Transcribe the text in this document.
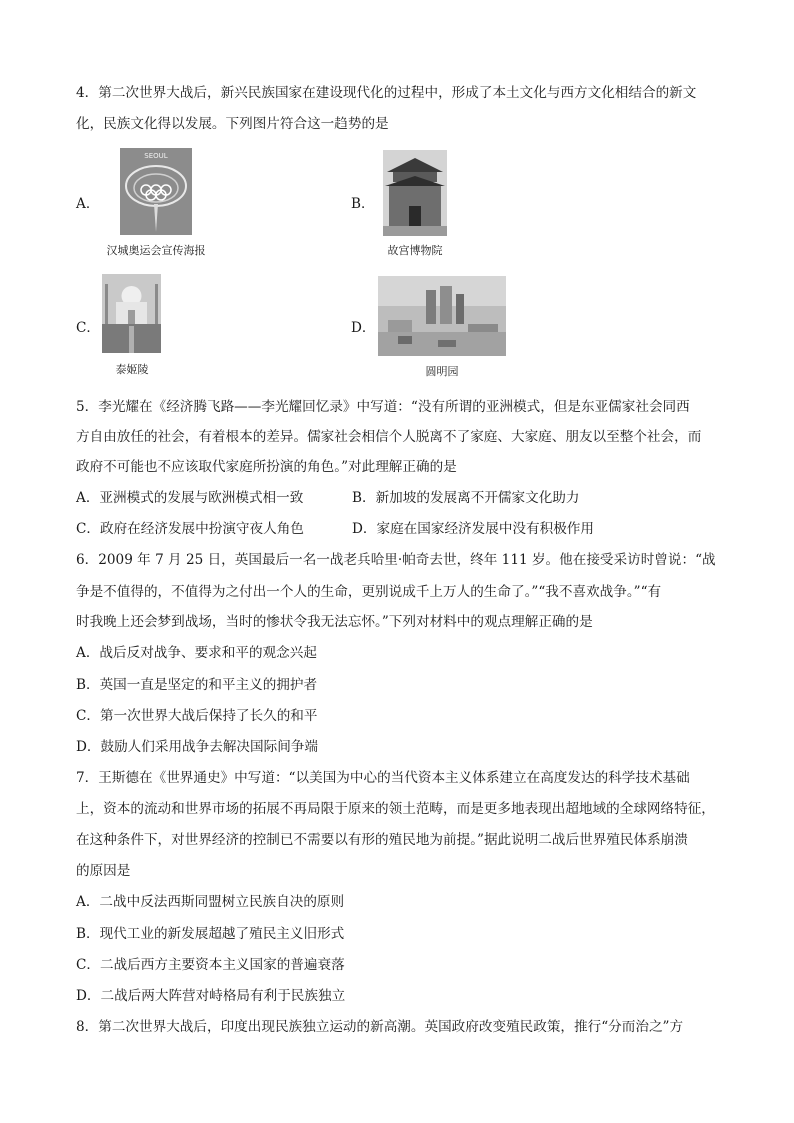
4．第二次世界大战后，新兴民族国家在建设现代化的过程中，形成了本土文化与西方文化相结合的新文
化，民族文化得以发展。下列图片符合这一趋势的是
A．
SEOUL
汉城奥运会宣传海报
B．
故宫博物院
C．
泰姬陵
D．
圆明园
5．李光耀在《经济腾飞路——李光耀回忆录》中写道：“没有所谓的亚洲模式，但是东亚儒家社会同西
方自由放任的社会，有着根本的差异。儒家社会相信个人脱离不了家庭、大家庭、朋友以至整个社会，而
政府不可能也不应该取代家庭所扮演的角色。”对此理解正确的是
A．亚洲模式的发展与欧洲模式相一致	B．新加坡的发展离不开儒家文化助力
C．政府在经济发展中扮演守夜人角色	D．家庭在国家经济发展中没有积极作用
6．2009 年 7 月 25 日，英国最后一名一战老兵哈里·帕奇去世，终年 111 岁。他在接受采访时曾说：“战
争是不值得的，不值得为之付出一个人的生命，更别说成千上万人的生命了。”“我不喜欢战争。”“有
时我晚上还会梦到战场，当时的惨状令我无法忘怀。”下列对材料中的观点理解正确的是
A．战后反对战争、要求和平的观念兴起
B．英国一直是坚定的和平主义的拥护者
C．第一次世界大战后保持了长久的和平
D．鼓励人们采用战争去解决国际间争端
7．王斯德在《世界通史》中写道：“以美国为中心的当代资本主义体系建立在高度发达的科学技术基础
上，资本的流动和世界市场的拓展不再局限于原来的领土范畴，而是更多地表现出超地域的全球网络特征，
在这种条件下，对世界经济的控制已不需要以有形的殖民地为前提。”据此说明二战后世界殖民体系崩溃
的原因是
A．二战中反法西斯同盟树立民族自决的原则
B．现代工业的新发展超越了殖民主义旧形式
C．二战后西方主要资本主义国家的普遍衰落
D．二战后两大阵营对峙格局有利于民族独立
8．第二次世界大战后，印度出现民族独立运动的新高潮。英国政府改变殖民政策，推行“分而治之”方
